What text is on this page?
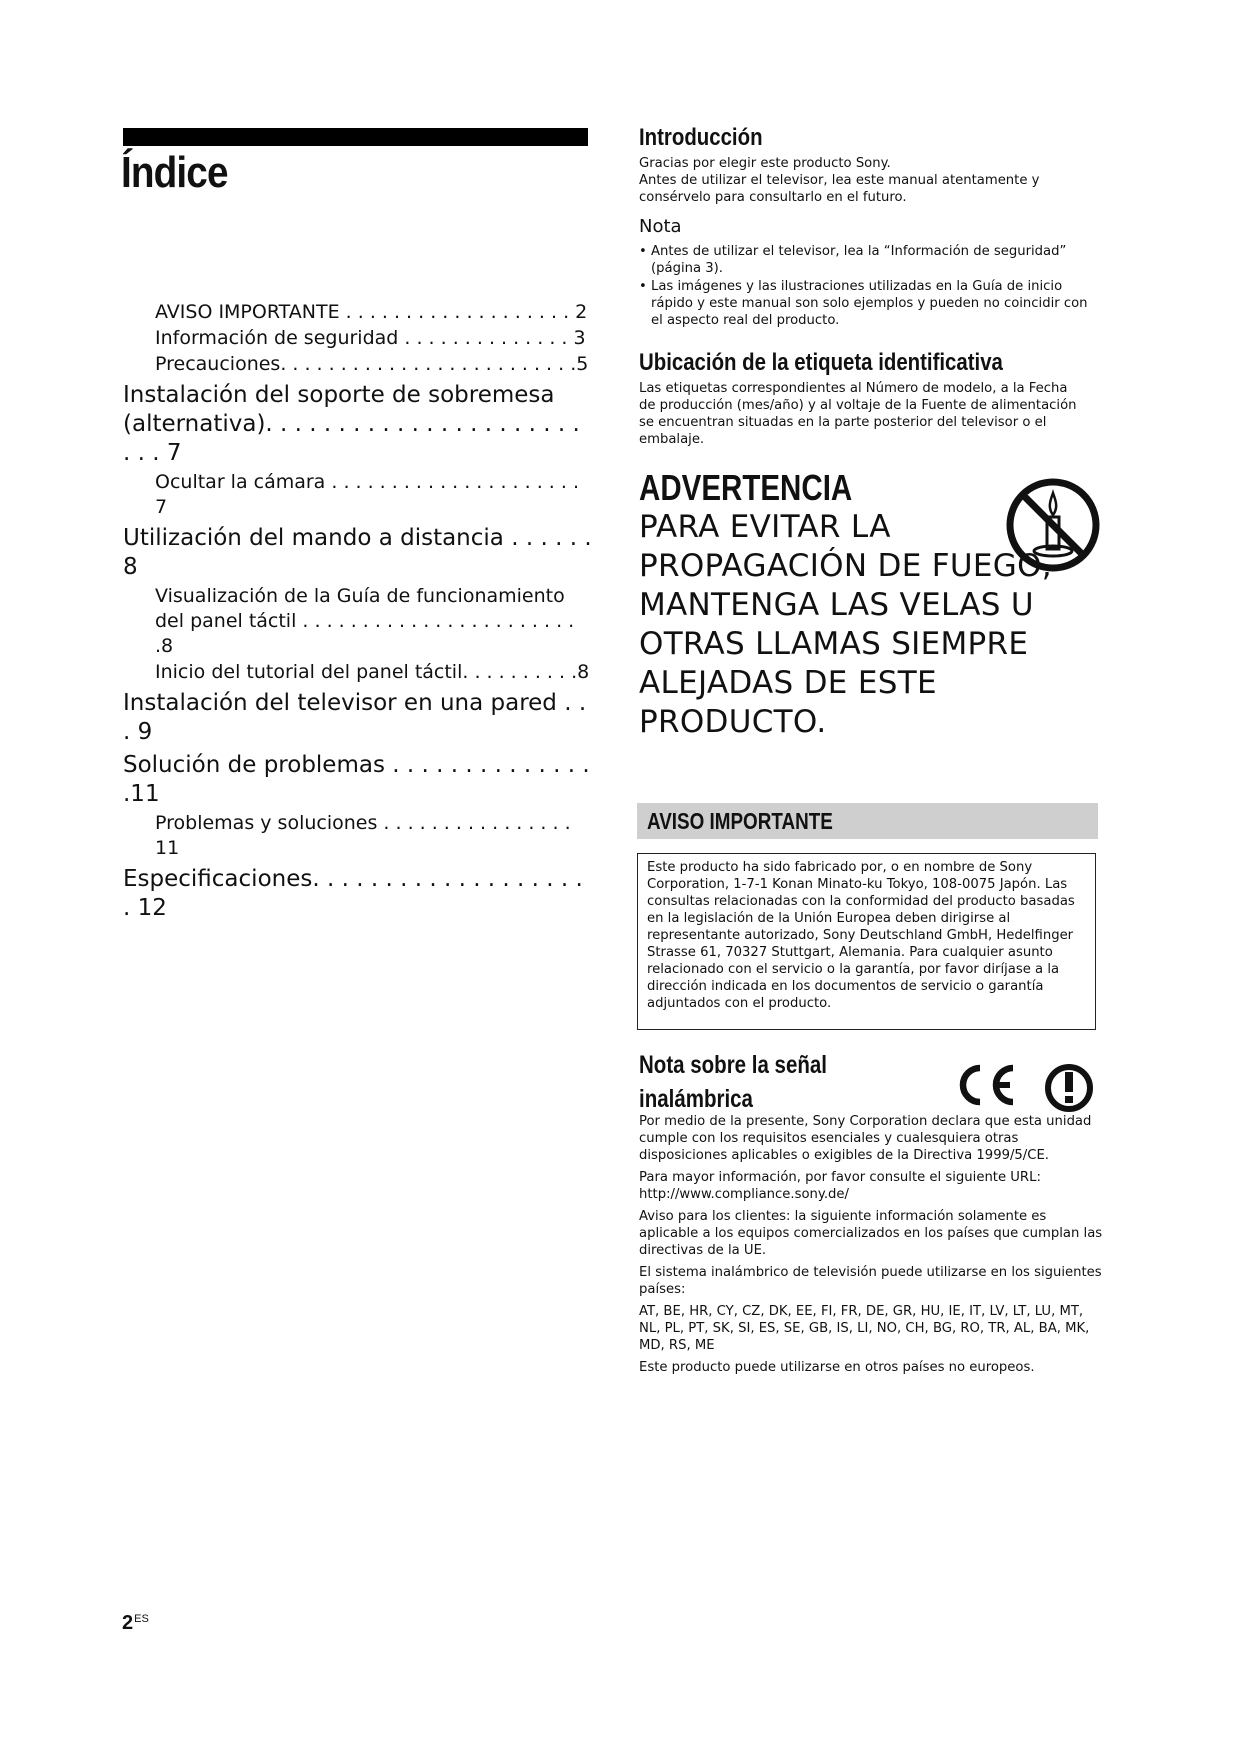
Índice
AVISO IMPORTANTE . . . . . . . . . . . . . . . . . . . 2
Información de seguridad . . . . . . . . . . . . . . 3
Precauciones. . . . . . . . . . . . . . . . . . . . . . . . .5
Instalación del soporte de sobremesa (alternativa). . . . . . . . . . . . . . . . . . . . . . . . . 7
Ocultar la cámara . . . . . . . . . . . . . . . . . . . . . 7
Utilización del mando a distancia . . . . . . 8
Visualización de la Guía de funcionamiento del panel táctil . . . . . . . . . . . . . . . . . . . . . . . .8
Inicio del tutorial del panel táctil. . . . . . . . . .8
Instalación del televisor en una pared . . . 9
Solución de problemas . . . . . . . . . . . . . . .11
Problemas y soluciones . . . . . . . . . . . . . . . . 11
Especificaciones. . . . . . . . . . . . . . . . . . . . 12
Introducción

Gracias por elegir este producto Sony.

Antes de utilizar el televisor, lea este manual atentamente y consérvelo para consultarlo en el futuro.

Nota
• Antes de utilizar el televisor, lea la “Información de seguridad” (página 3).
• Las imágenes y las ilustraciones utilizadas en la Guía de inicio rápido y este manual son solo ejemplos y pueden no coincidir con el aspecto real del producto.
Ubicación de la etiqueta identificativa

Las etiquetas correspondientes al Número de modelo, a la Fecha de producción (mes/año) y al voltaje de la Fuente de alimentación se encuentran situadas en la parte posterior del televisor o el embalaje.

ADVERTENCIA
PARA EVITAR LA PROPAGACIÓN DE FUEGO, MANTENGA LAS VELAS U OTRAS LLAMAS SIEMPRE ALEJADAS DE ESTE PRODUCTO.
AVISO IMPORTANTE

Este producto ha sido fabricado por, o en nombre de Sony Corporation, 1-7-1 Konan Minato-ku Tokyo, 108-0075 Japón. Las consultas relacionadas con la conformidad del producto basadas en la legislación de la Unión Europea deben dirigirse al representante autorizado, Sony Deutschland GmbH, Hedelfinger Strasse 61, 70327 Stuttgart, Alemania. Para cualquier asunto relacionado con el servicio o la garantía, por favor diríjase a la dirección indicada en los documentos de servicio o garantía adjuntados con el producto.

Nota sobre la señal
inalámbrica

Por medio de la presente, Sony Corporation declara que esta unidad cumple con los requisitos esenciales y cualesquiera otras disposiciones aplicables o exigibles de la Directiva 1999/5/CE.

Para mayor información, por favor consulte el siguiente URL: http://www.compliance.sony.de/

Aviso para los clientes: la siguiente información solamente es aplicable a los equipos comercializados en los países que cumplan las directivas de la UE.

El sistema inalámbrico de televisión puede utilizarse en los siguientes países:

AT, BE, HR, CY, CZ, DK, EE, FI, FR, DE, GR, HU, IE, IT, LV, LT, LU, MT, NL, PL, PT, SK, SI, ES, SE, GB, IS, LI, NO, CH, BG, RO, TR, AL, BA, MK, MD, RS, ME

Este producto puede utilizarse en otros países no europeos.

$2^{ES}$
